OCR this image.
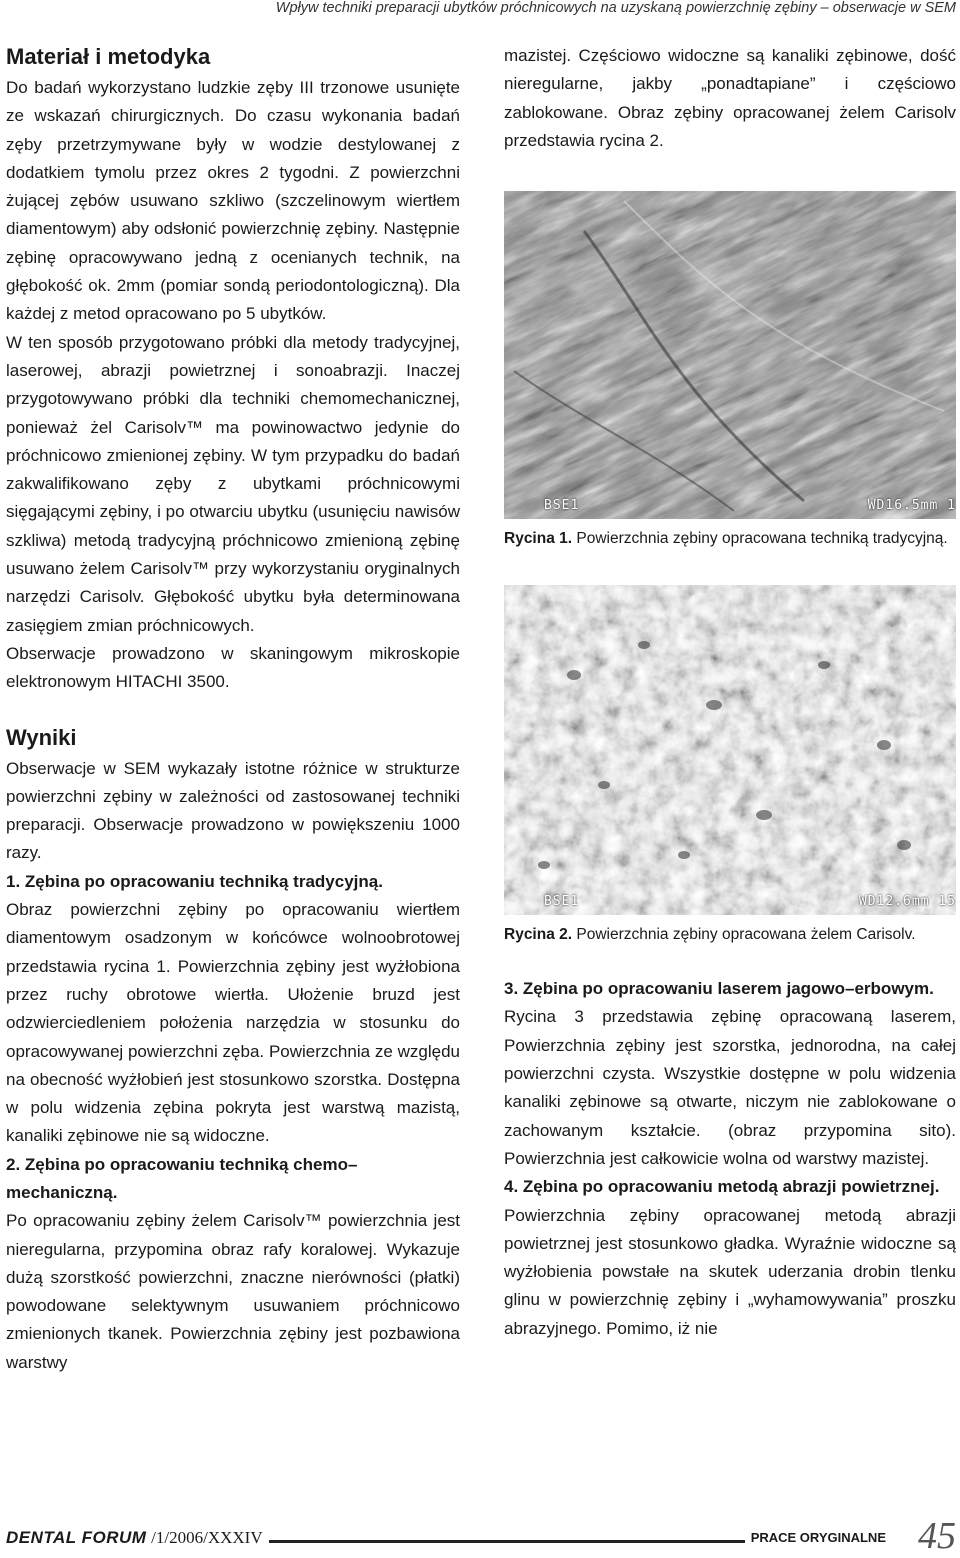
Wpływ techniki preparacji ubytków próchnicowych na uzyskaną powierzchnię zębiny – obserwacje w SEM
Materiał i metodyka

Do badań wykorzystano ludzkie zęby III trzonowe usunięte ze wskazań chirurgicznych. Do czasu wykonania badań zęby przetrzymywane były w wodzie destylowanej z dodatkiem tymolu przez okres 2 tygodni. Z powierzchni żującej zębów usuwano szkliwo (szczelinowym wiertłem diamentowym) aby odsłonić powierzchnię zębiny. Następnie zębinę opracowywano jedną z ocenianych technik, na głębokość ok. 2mm (pomiar sondą periodontologiczną). Dla każdej z metod opracowano po 5 ubytków.

W ten sposób przygotowano próbki dla metody tradycyjnej, laserowej, abrazji powietrznej i sonoabrazji. Inaczej przygotowywano próbki dla techniki chemomechanicznej, ponieważ żel Carisolv™ ma powinowactwo jedynie do próchnicowo zmienionej zębiny. W tym przypadku do badań zakwalifikowano zęby z ubytkami próchnicowymi sięgającymi zębiny, i po otwarciu ubytku (usunięciu nawisów szkliwa) metodą tradycyjną próchnicowo zmienioną zębinę usuwano żelem Carisolv™ przy wykorzystaniu oryginalnych narzędzi Carisolv. Głębokość ubytku była determinowana zasięgiem zmian próchnicowych.

Obserwacje prowadzono w skaningowym mikroskopie elektronowym HITACHI 3500.

Wyniki

Obserwacje w SEM wykazały istotne różnice w strukturze powierzchni zębiny w zależności od zastosowanej techniki preparacji. Obserwacje prowadzono w powiększeniu 1000 razy.

1. Zębina po opracowaniu techniką tradycyjną.

Obraz powierzchni zębiny po opracowaniu wiertłem diamentowym osadzonym w końcówce wolnoobrotowej przedstawia rycina 1. Powierzchnia zębiny jest wyżłobiona przez ruchy obrotowe wiertła. Ułożenie bruzd jest odzwierciedleniem położenia narzędzia w stosunku do opracowywanej powierzchni zęba. Powierzchnia ze względu na obecność wyżłobień jest stosunkowo szorstka. Dostępna w polu widzenia zębina pokryta jest warstwą mazistą, kanaliki zębinowe nie są widoczne.

2. Zębina po opracowaniu techniką chemo–mechaniczną.

Po opracowaniu zębiny żelem Carisolv™ powierzchnia jest nieregularna, przypomina obraz rafy koralowej. Wykazuje dużą szorstkość powierzchni, znaczne nierówności (płatki) powodowane selektywnym usuwaniem próchnicowo zmienionych tkanek. Powierzchnia zębiny jest pozbawiona warstwy

mazistej. Częściowo widoczne są kanaliki zębinowe, dość nieregularne, jakby „ponadtapiane” i częściowo zablokowane. Obraz zębiny opracowanej żelem Carisolv przedstawia rycina 2.

BSE1	WD16.5mm 1

Rycina 1. Powierzchnia zębiny opracowana techniką tradycyjną.

BSE1	WD12.6mm 15

Rycina 2. Powierzchnia zębiny opracowana żelem Carisolv.

3. Zębina po opracowaniu laserem jagowo–erbowym.

Rycina 3 przedstawia zębinę opracowaną laserem, Powierzchnia zębiny jest szorstka, jednorodna, na całej powierzchni czysta. Wszystkie dostępne w polu widzenia kanaliki zębinowe są otwarte, niczym nie zablokowane o zachowanym kształcie. (obraz przypomina sito). Powierzchnia jest całkowicie wolna od warstwy mazistej.

4. Zębina po opracowaniu metodą abrazji powietrznej.

Powierzchnia zębiny opracowanej metodą abrazji powietrznej jest stosunkowo gładka. Wyraźnie widoczne są wyżłobienia powstałe na skutek uderzania drobin tlenku glinu w powierzchnię zębiny i „wyhamowywania” proszku abrazyjnego. Pomimo, iż nie

DENTAL FORUM /1/2006/XXXIV	PRACE ORYGINALNE 45
